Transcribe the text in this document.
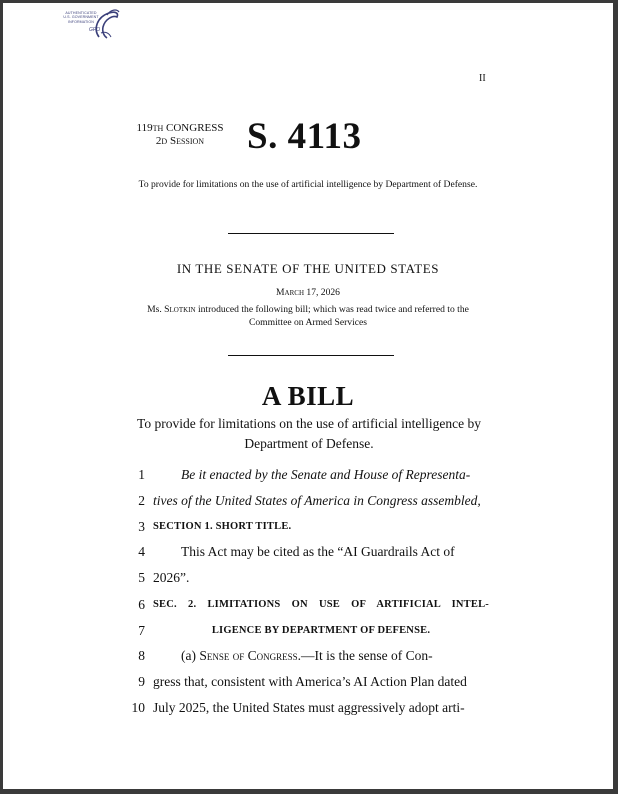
AUTHENTICATED
U.S. GOVERNMENT
INFORMATION
GPO
II
119th CONGRESS
2d Session	S. 4113
To provide for limitations on the use of artificial intelligence by Department of Defense.
IN THE SENATE OF THE UNITED STATES
March 17, 2026
Ms. Slotkin introduced the following bill; which was read twice and referred to the Committee on Armed Services
A BILL
To provide for limitations on the use of artificial intelligence by Department of Defense.
1	Be it enacted by the Senate and House of Representa-
2 tives of the United States of America in Congress assembled,
3 SECTION 1. SHORT TITLE.
4	This Act may be cited as the “AI Guardrails Act of
5 2026”.
6 SEC. 2. LIMITATIONS ON USE OF ARTIFICIAL INTEL-
7	LIGENCE BY DEPARTMENT OF DEFENSE.
8	(a) Sense of Congress.—It is the sense of Con-
9 gress that, consistent with America’s AI Action Plan dated
10 July 2025, the United States must aggressively adopt arti-
